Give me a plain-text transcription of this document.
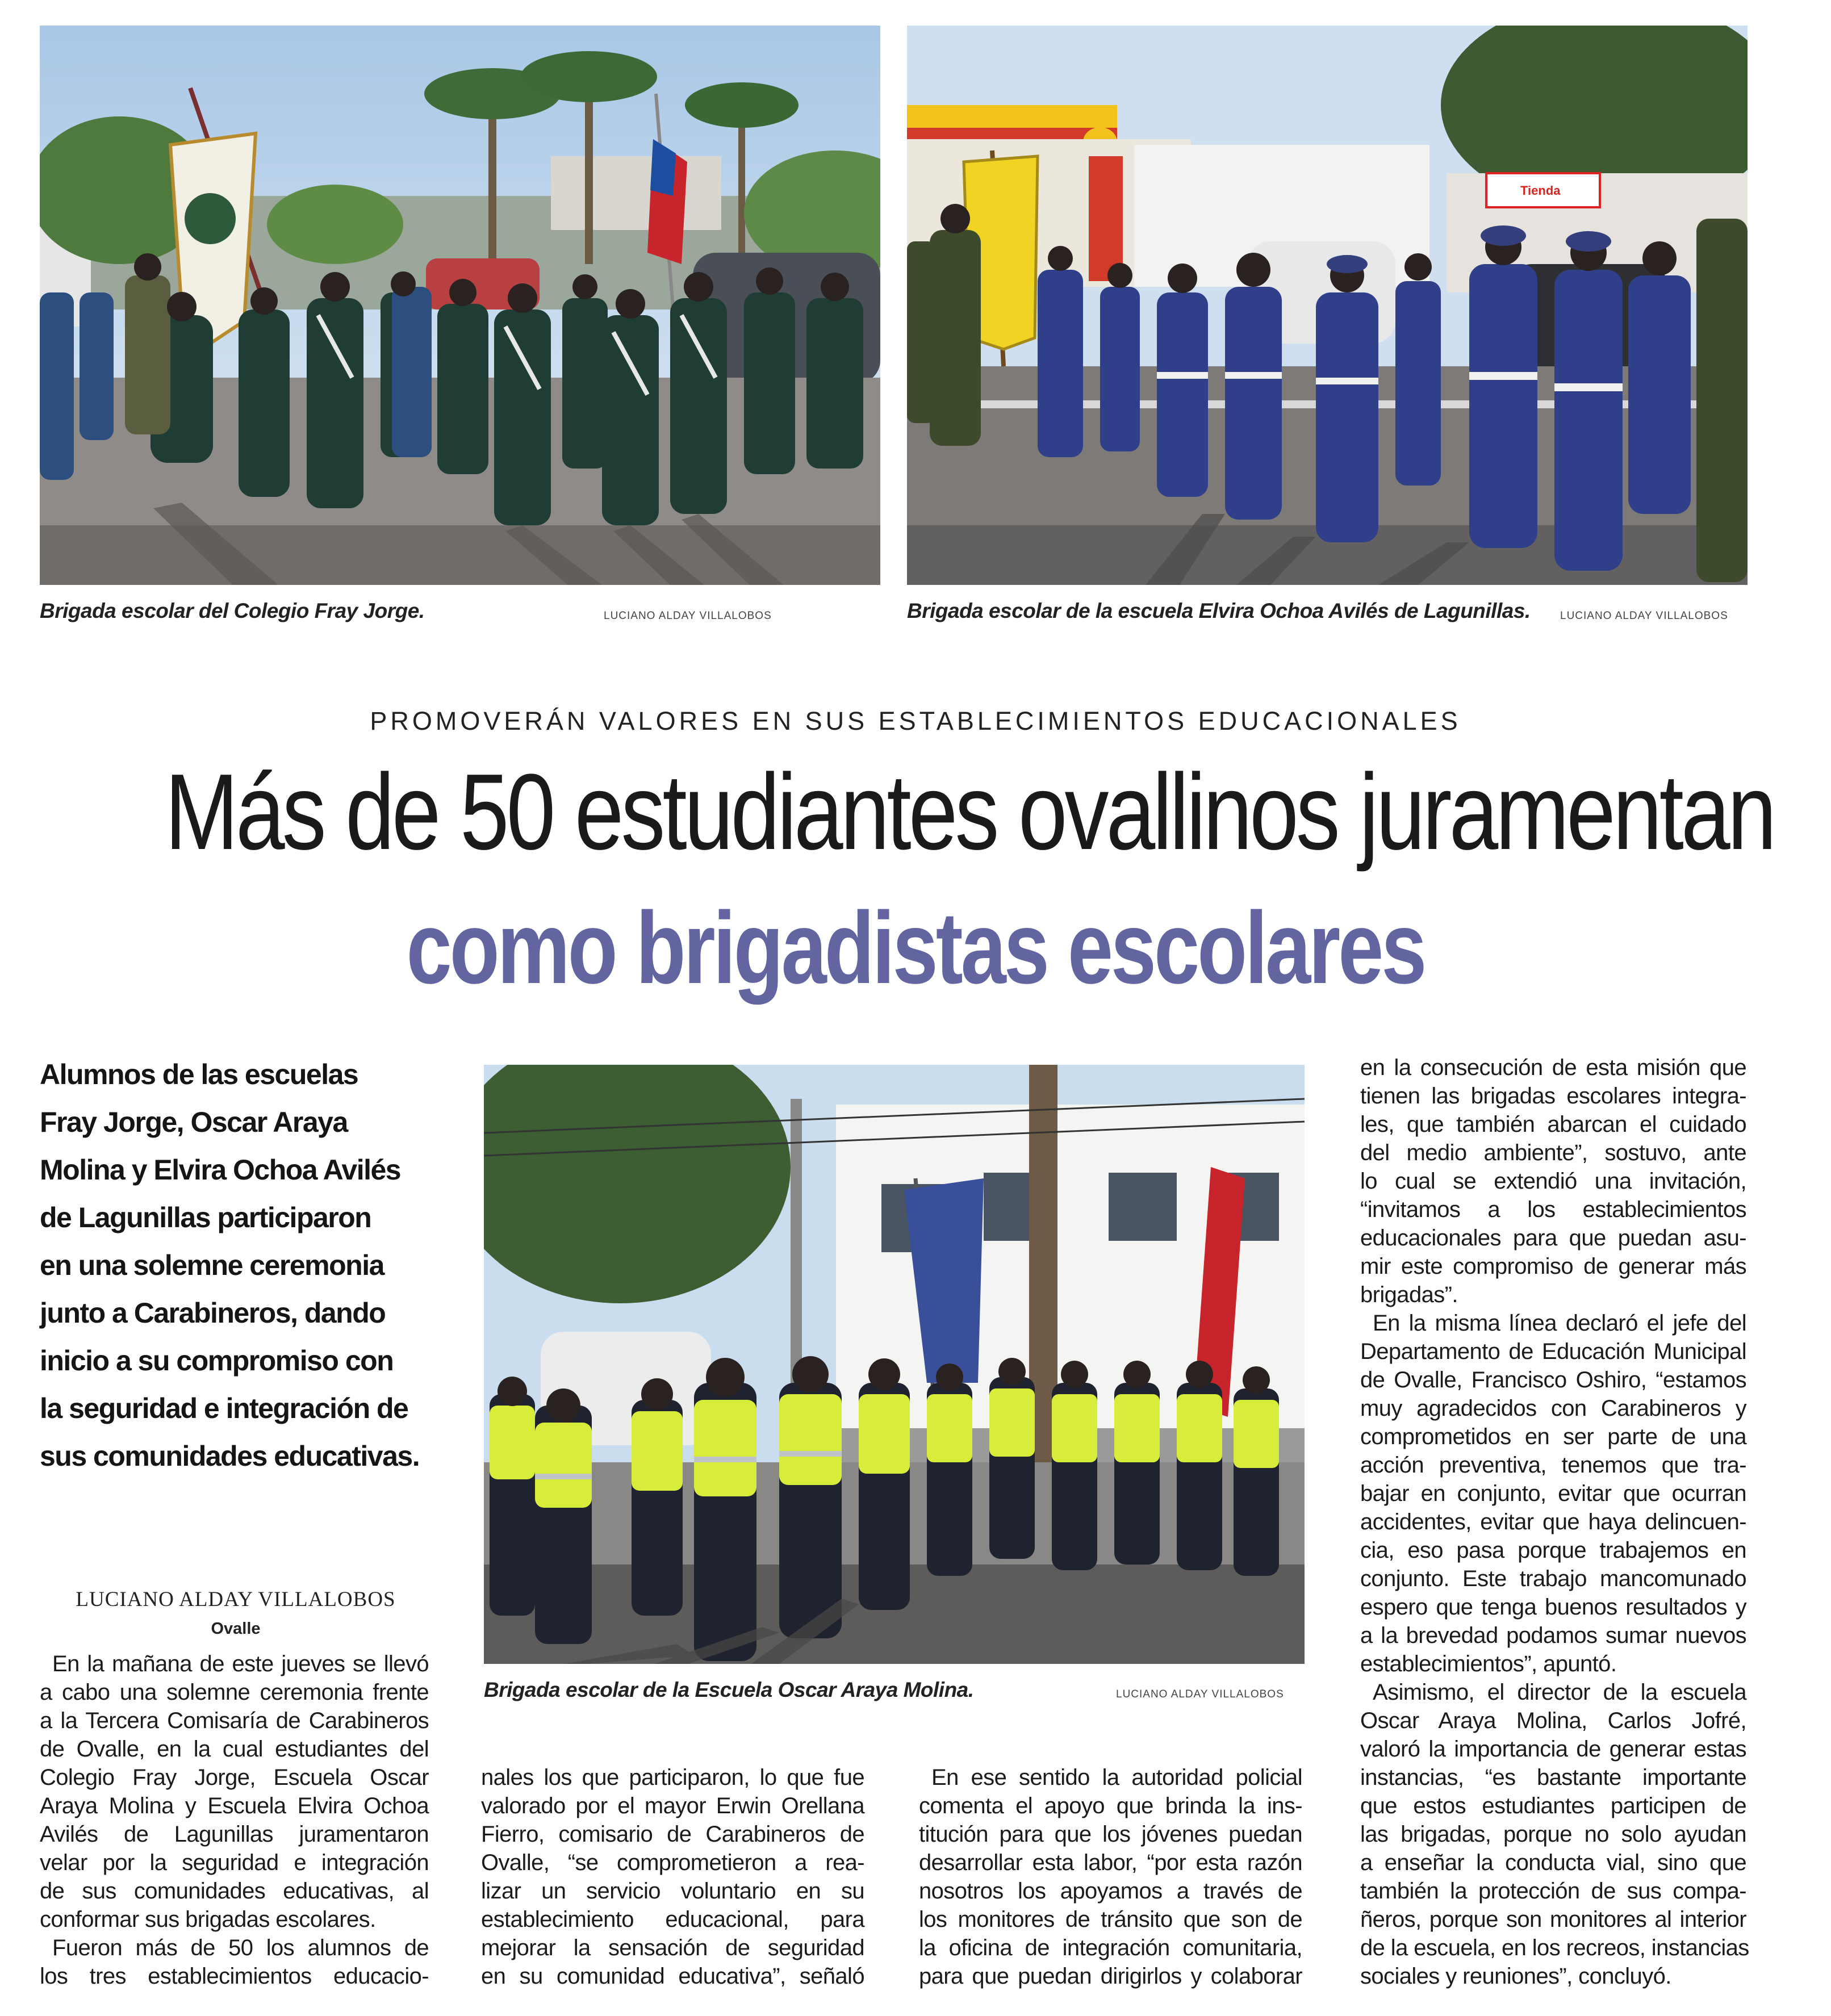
Brigada escolar del Colegio Fray Jorge.	LUCIANO ALDAY VILLALOBOS
Tienda
Brigada escolar de la escuela Elvira Ochoa Avilés de Lagunillas.	LUCIANO ALDAY VILLALOBOS
PROMOVERÁN VALORES EN SUS ESTABLECIMIENTOS EDUCACIONALES
Más de 50 estudiantes ovallinos juramentan
como brigadistas escolares
Alumnos de las escuelas
Fray Jorge, Oscar Araya
Molina y Elvira Ochoa Avilés
de Lagunillas participaron
en una solemne ceremonia
junto a Carabineros, dando
inicio a su compromiso con
la seguridad e integración de
sus comunidades educativas.
LUCIANO ALDAY VILLALOBOS
Ovalle
Brigada escolar de la Escuela Oscar Araya Molina.	LUCIANO ALDAY VILLALOBOS
En la mañana de este jueves se llevó
a cabo una solemne ceremonia frente
a la Tercera Comisaría de Carabineros
de Ovalle, en la cual estudiantes del
Colegio Fray Jorge, Escuela Oscar
Araya Molina y Escuela Elvira Ochoa
Avilés de Lagunillas juramentaron
velar por la seguridad e integración
de sus comunidades educativas, al
conformar sus brigadas escolares.
Fueron más de 50 los alumnos de
los tres establecimientos educacio-
nales los que participaron, lo que fue
valorado por el mayor Erwin Orellana
Fierro, comisario de Carabineros de
Ovalle, “se comprometieron a rea-
lizar un servicio voluntario en su
establecimiento educacional, para
mejorar la sensación de seguridad
en su comunidad educativa”, señaló
En ese sentido la autoridad policial
comenta el apoyo que brinda la ins-
titución para que los jóvenes puedan
desarrollar esta labor, “por esta razón
nosotros los apoyamos a través de
los monitores de tránsito que son de
la oficina de integración comunitaria,
para que puedan dirigirlos y colaborar
en la consecución de esta misión que
tienen las brigadas escolares integra-
les, que también abarcan el cuidado
del medio ambiente”, sostuvo, ante
lo cual se extendió una invitación,
“invitamos a los establecimientos
educacionales para que puedan asu-
mir este compromiso de generar más
brigadas”.
En la misma línea declaró el jefe del
Departamento de Educación Municipal
de Ovalle, Francisco Oshiro, “estamos
muy agradecidos con Carabineros y
comprometidos en ser parte de una
acción preventiva, tenemos que tra-
bajar en conjunto, evitar que ocurran
accidentes, evitar que haya delincuen-
cia, eso pasa porque trabajemos en
conjunto. Este trabajo mancomunado
espero que tenga buenos resultados y
a la brevedad podamos sumar nuevos
establecimientos”, apuntó.
Asimismo, el director de la escuela
Oscar Araya Molina, Carlos Jofré,
valoró la importancia de generar estas
instancias, “es bastante importante
que estos estudiantes participen de
las brigadas, porque no solo ayudan
a enseñar la conducta vial, sino que
también la protección de sus compa-
ñeros, porque son monitores al interior
de la escuela, en los recreos, instancias
sociales y reuniones”, concluyó.
